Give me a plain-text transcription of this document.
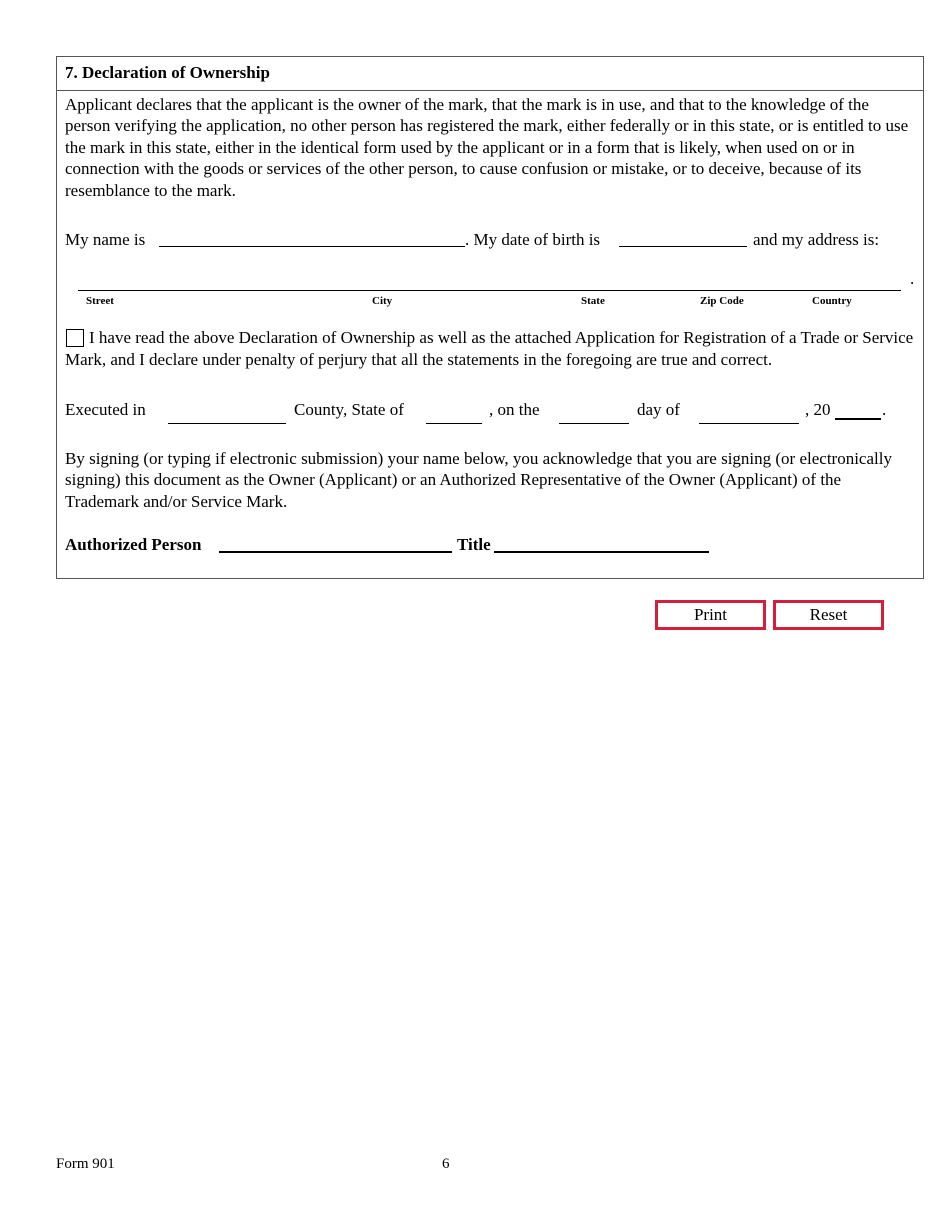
7. Declaration of Ownership

Applicant declares that the applicant is the owner of the mark, that the mark is in use, and that to the knowledge of the person verifying the application, no other person has registered the mark, either federally or in this state, or is entitled to use the mark in this state, either in the identical form used by the applicant or in a form that is likely, when used on or in connection with the goods or services of the other person, to cause confusion or mistake, or to deceive, because of its resemblance to the mark.

My name is	. My date of birth is	and my address is:
.
Street	City	State	Zip Code	Country

I have read the above Declaration of Ownership as well as the attached Application for Registration of a Trade or Service Mark, and I declare under penalty of perjury that all the statements in the foregoing are true and correct.

Executed in	County, State of	, on the	day of	, 20	.

By signing (or typing if electronic submission) your name below, you acknowledge that you are signing (or electronically signing) this document as the Owner (Applicant) or an Authorized Representative of the Owner (Applicant) of the Trademark and/or Service Mark.

Authorized Person	Title
Print	Reset
Form 901	6
